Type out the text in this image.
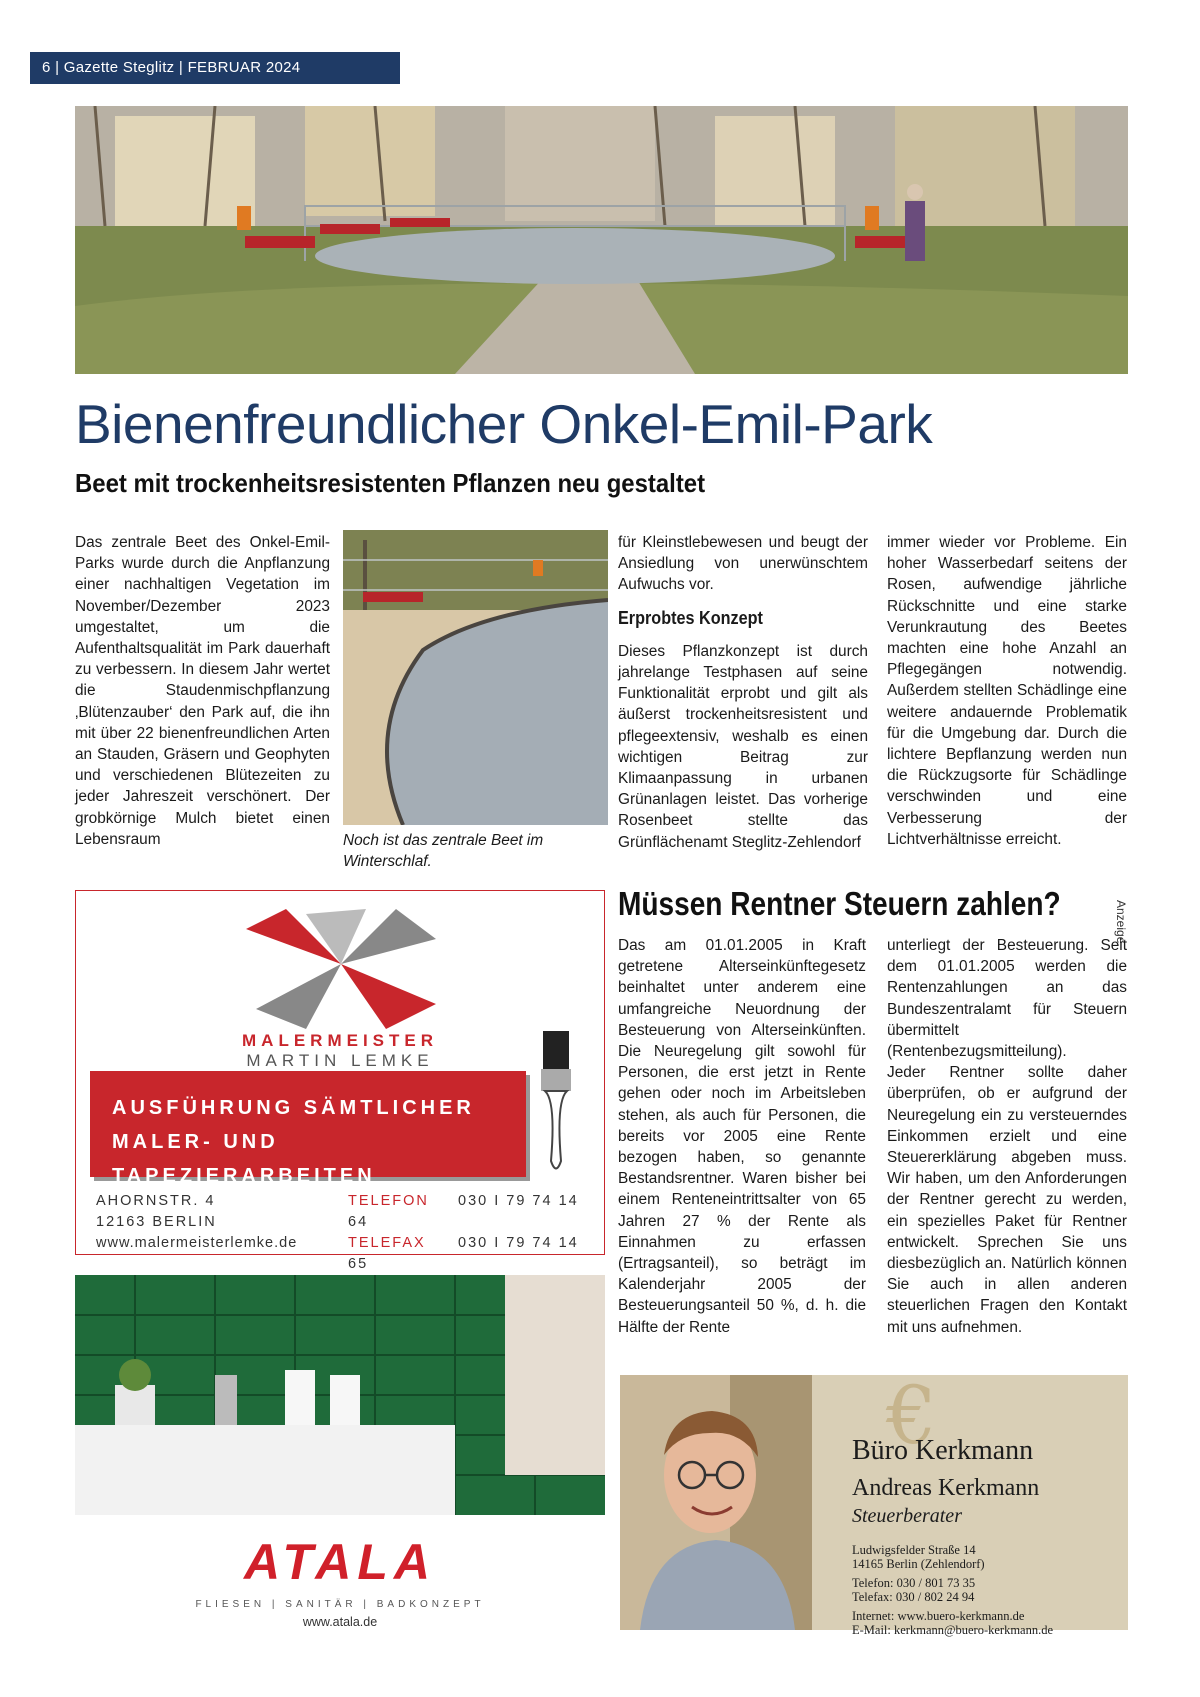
6 | Gazette Steglitz | FEBRUAR 2024
Bienenfreundlicher Onkel-Emil-Park
Beet mit trockenheitsresistenten Pflanzen neu gestaltet

Das zentrale Beet des Onkel-Emil-Parks wurde durch die Anpflanzung einer nachhaltigen Vegetation im November/Dezember 2023 umgestaltet, um die Aufenthaltsqualität im Park dauerhaft zu verbessern. In diesem Jahr wertet die Staudenmischpflanzung ‚Blütenzauber‘ den Park auf, die ihn mit über 22 bienenfreundlichen Arten an Stauden, Gräsern und Geophyten und verschiedenen Blütezeiten zu jeder Jahreszeit verschönert. Der grobkörnige Mulch bietet einen Lebensraum	Noch ist das zentrale Beet im Winterschlaf.

für Kleinstlebewesen und beugt der Ansiedlung von unerwünschtem Aufwuchs vor.

Erprobtes Konzept

Dieses Pflanzkonzept ist durch jahrelange Testphasen auf seine Funktionalität erprobt und gilt als äußerst trockenheitsresistent und pflegeextensiv, weshalb es einen wichtigen Beitrag zur Klimaanpassung in urbanen Grünanlagen leistet. Das vorherige Rosenbeet stellte das Grünflächenamt Steglitz-Zehlendorf

immer wieder vor Probleme. Ein hoher Wasserbedarf seitens der Rosen, aufwendige jährliche Rückschnitte und eine starke Verunkrautung des Beetes machten eine hohe Anzahl an Pflegegängen notwendig. Außerdem stellten Schädlinge eine weitere andauernde Problematik für die Umgebung dar. Durch die lichtere Bepflanzung werden nun die Rückzugsorte für Schädlinge verschwinden und eine Verbesserung der Lichtverhältnisse erreicht.

MALERMEISTER
MARTIN LEMKE
AUSFÜHRUNG SÄMTLICHER
MALER- UND TAPEZIERARBEITEN
AHORNSTR. 4
12163 BERLIN
www.malermeisterlemke.de
TELEFON 030 I 79 74 14 64
TELEFAX 030 I 79 74 14 65
ATALA
FLIESEN | SANITÄR | BADKONZEPT
www.atala.de
Anzeige
Müssen Rentner Steuern zahlen?

Das am 01.01.2005 in Kraft getretene Alterseinkünftegesetz beinhaltet unter anderem eine umfangreiche Neuordnung der Besteuerung von Alterseinkünften. Die Neuregelung gilt sowohl für Personen, die erst jetzt in Rente gehen oder noch im Arbeitsleben stehen, als auch für Personen, die bereits vor 2005 eine Rente bezogen haben, so genannte Bestandsrentner. Waren bisher bei einem Renteneintrittsalter von 65 Jahren 27 % der Rente als Einnahmen zu erfassen (Ertragsanteil), so beträgt im Kalenderjahr 2005 der Besteuerungsanteil 50 %, d. h. die Hälfte der Rente

unterliegt der Besteuerung. Seit dem 01.01.2005 werden die Rentenzahlungen an das Bundeszentralamt für Steuern übermittelt (Rentenbezugsmitteilung).

Jeder Rentner sollte daher überprüfen, ob er aufgrund der Neuregelung ein zu versteuerndes Einkommen erzielt und eine Steuererklärung abgeben muss. Wir haben, um den Anforderungen der Rentner gerecht zu werden, ein spezielles Paket für Rentner entwickelt. Sprechen Sie uns diesbezüglich an. Natürlich können Sie auch in allen anderen steuerlichen Fragen den Kontakt mit uns aufnehmen.

€
Büro Kerkmann
Andreas Kerkmann
Steuerberater
Ludwigsfelder Straße 14
14165 Berlin (Zehlendorf)
Telefon: 030 / 801 73 35
Telefax: 030 / 802 24 94
Internet: www.buero-kerkmann.de
E-Mail: kerkmann@buero-kerkmann.de
